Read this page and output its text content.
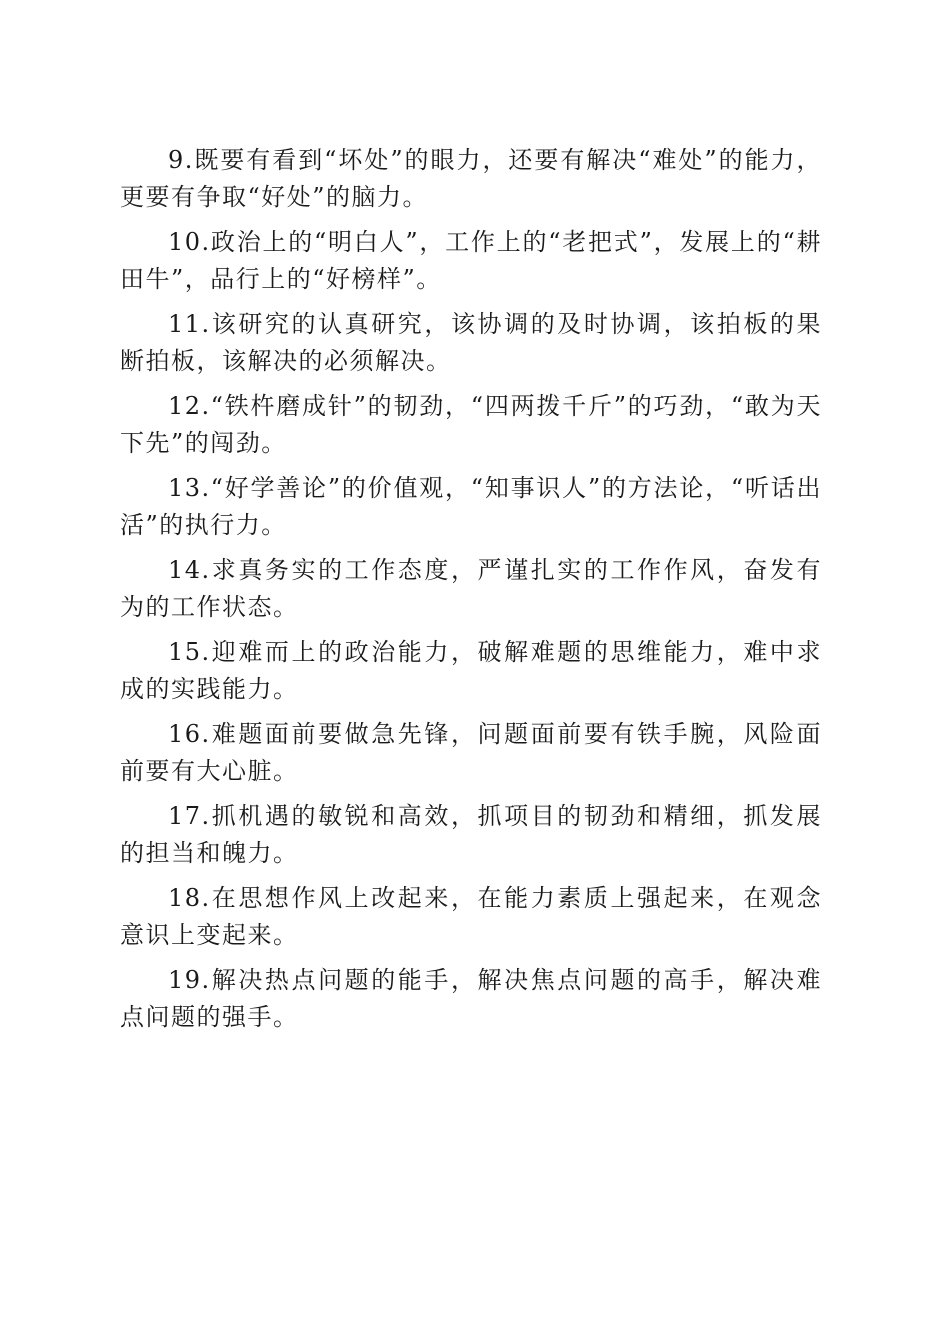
9.既要有看到“坏处”的眼力，还要有解决“难处”的能力，更要有争取“好处”的脑力。

10.政治上的“明白人”，工作上的“老把式”，发展上的“耕田牛”，品行上的“好榜样”。

11.该研究的认真研究，该协调的及时协调，该拍板的果断拍板，该解决的必须解决。

12.“铁杵磨成针”的韧劲，“四两拨千斤”的巧劲，“敢为天下先”的闯劲。

13.“好学善论”的价值观，“知事识人”的方法论，“听话出活”的执行力。

14.求真务实的工作态度，严谨扎实的工作作风，奋发有为的工作状态。

15.迎难而上的政治能力，破解难题的思维能力，难中求成的实践能力。

16.难题面前要做急先锋，问题面前要有铁手腕，风险面前要有大心脏。

17.抓机遇的敏锐和高效，抓项目的韧劲和精细，抓发展的担当和魄力。

18.在思想作风上改起来，在能力素质上强起来，在观念意识上变起来。

19.解决热点问题的能手，解决焦点问题的高手，解决难点问题的强手。
